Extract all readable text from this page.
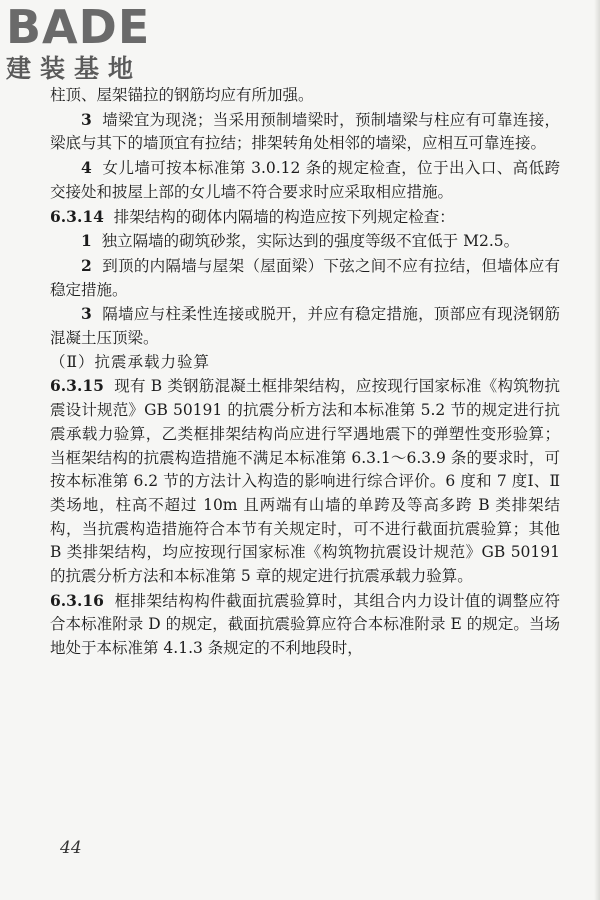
BADE
建装基地

柱顶、屋架锚拉的钢筋均应有所加强。

3 墙梁宜为现浇；当采用预制墙梁时，预制墙梁与柱应有可靠连接，梁底与其下的墙顶宜有拉结；排架转角处相邻的墙梁，应相互可靠连接。

4 女儿墙可按本标准第 3.0.12 条的规定检查，位于出入口、高低跨交接处和披屋上部的女儿墙不符合要求时应采取相应措施。

6.3.14 排架结构的砌体内隔墙的构造应按下列规定检查：

1 独立隔墙的砌筑砂浆，实际达到的强度等级不宜低于 M2.5。

2 到顶的内隔墙与屋架（屋面梁）下弦之间不应有拉结，但墙体应有稳定措施。

3 隔墙应与柱柔性连接或脱开，并应有稳定措施，顶部应有现浇钢筋混凝土压顶梁。

（Ⅱ）抗震承载力验算

6.3.15 现有 B 类钢筋混凝土框排架结构，应按现行国家标准《构筑物抗震设计规范》GB 50191 的抗震分析方法和本标准第 5.2 节的规定进行抗震承载力验算，乙类框排架结构尚应进行罕遇地震下的弹塑性变形验算；当框架结构的抗震构造措施不满足本标准第 6.3.1～6.3.9 条的要求时，可按本标准第 6.2 节的方法计入构造的影响进行综合评价。6 度和 7 度Ⅰ、Ⅱ类场地，柱高不超过 10m 且两端有山墙的单跨及等高多跨 B 类排架结构，当抗震构造措施符合本节有关规定时，可不进行截面抗震验算；其他 B 类排架结构，均应按现行国家标准《构筑物抗震设计规范》GB 50191 的抗震分析方法和本标准第 5 章的规定进行抗震承载力验算。

6.3.16 框排架结构构件截面抗震验算时，其组合内力设计值的调整应符合本标准附录 D 的规定，截面抗震验算应符合本标准附录 E 的规定。当场地处于本标准第 4.1.3 条规定的不利地段时，

44
